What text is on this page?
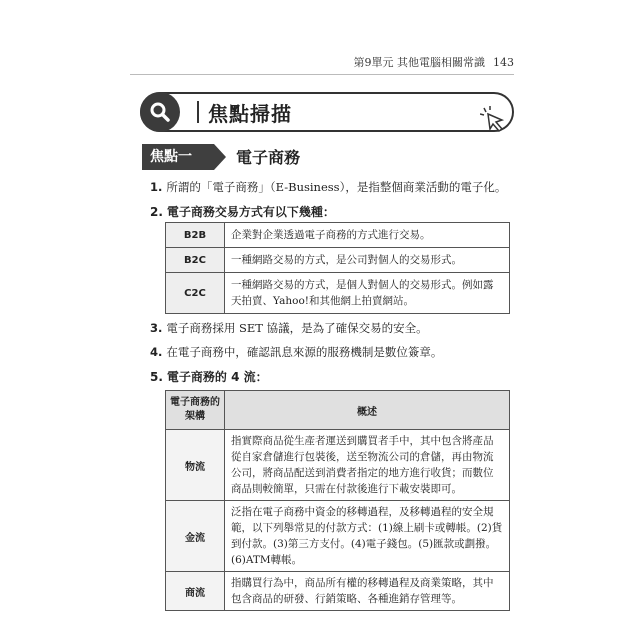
第9單元 其他電腦相關常識 143
焦點掃描
焦點一	電子商務
1. 所謂的「電子商務」（E-Business），是指整個商業活動的電子化。
2. 電子商務交易方式有以下幾種：
B2B	企業對企業透過電子商務的方式進行交易。
B2C	一種網路交易的方式，是公司對個人的交易形式。
C2C	一種網路交易的方式，是個人對個人的交易形式。例如露天拍賣、Yahoo!和其他網上拍賣網站。
3. 電子商務採用 SET 協議，是為了確保交易的安全。
4. 在電子商務中，確認訊息來源的服務機制是數位簽章。
5. 電子商務的 4 流：
電子商務的架構	概述
物流	指實際商品從生產者運送到購買者手中，其中包含將產品從自家倉儲進行包裝後，送至物流公司的倉儲，再由物流公司，將商品配送到消費者指定的地方進行收貨；而數位商品則較簡單，只需在付款後進行下載安裝即可。
金流	泛指在電子商務中資金的移轉過程，及移轉過程的安全規範，以下列舉常見的付款方式：(1)線上刷卡或轉帳。(2)貨到付款。(3)第三方支付。(4)電子錢包。(5)匯款或劃撥。(6)ATM轉帳。
商流	指購買行為中，商品所有權的移轉過程及商業策略，其中包含商品的研發、行銷策略、各種進銷存管理等。
